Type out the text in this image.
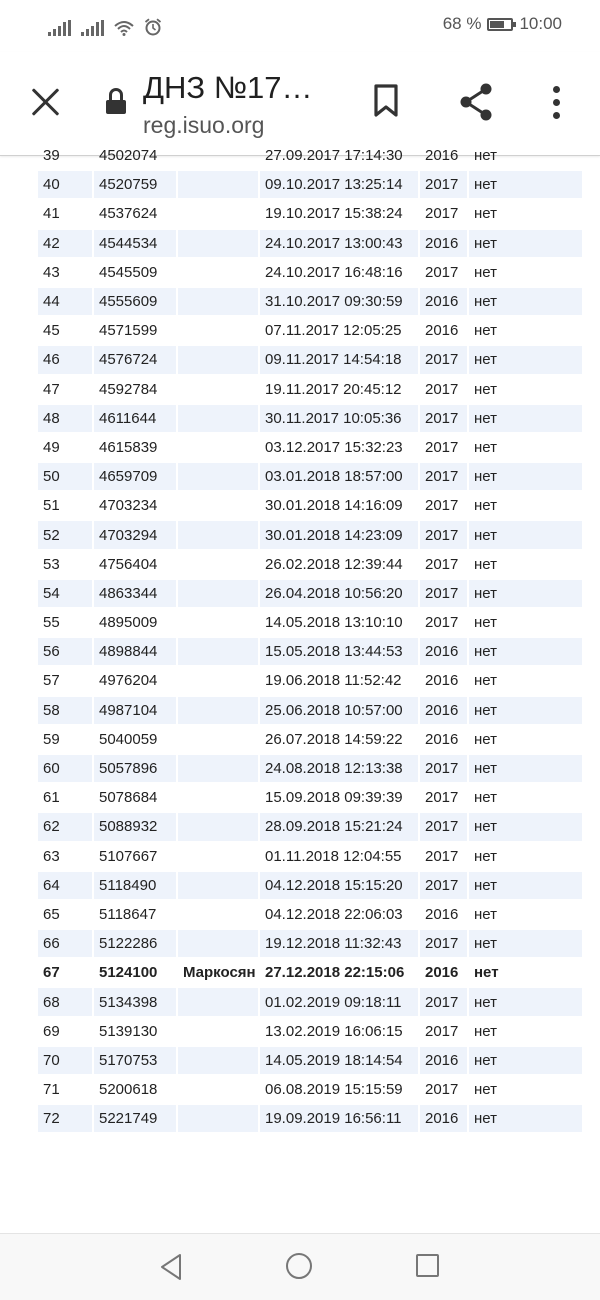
68 % 10:00
ДНЗ №17…
reg.isuo.org
39	4502074		27.09.2017 17:14:30	2016	нет
40	4520759		09.10.2017 13:25:14	2017	нет
41	4537624		19.10.2017 15:38:24	2017	нет
42	4544534		24.10.2017 13:00:43	2016	нет
43	4545509		24.10.2017 16:48:16	2017	нет
44	4555609		31.10.2017 09:30:59	2016	нет
45	4571599		07.11.2017 12:05:25	2016	нет
46	4576724		09.11.2017 14:54:18	2017	нет
47	4592784		19.11.2017 20:45:12	2017	нет
48	4611644		30.11.2017 10:05:36	2017	нет
49	4615839		03.12.2017 15:32:23	2017	нет
50	4659709		03.01.2018 18:57:00	2017	нет
51	4703234		30.01.2018 14:16:09	2017	нет
52	4703294		30.01.2018 14:23:09	2017	нет
53	4756404		26.02.2018 12:39:44	2017	нет
54	4863344		26.04.2018 10:56:20	2017	нет
55	4895009		14.05.2018 13:10:10	2017	нет
56	4898844		15.05.2018 13:44:53	2016	нет
57	4976204		19.06.2018 11:52:42	2016	нет
58	4987104		25.06.2018 10:57:00	2016	нет
59	5040059		26.07.2018 14:59:22	2016	нет
60	5057896		24.08.2018 12:13:38	2017	нет
61	5078684		15.09.2018 09:39:39	2017	нет
62	5088932		28.09.2018 15:21:24	2017	нет
63	5107667		01.11.2018 12:04:55	2017	нет
64	5118490		04.12.2018 15:15:20	2017	нет
65	5118647		04.12.2018 22:06:03	2016	нет
66	5122286		19.12.2018 11:32:43	2017	нет
67	5124100	Маркосян	27.12.2018 22:15:06	2016	нет
68	5134398		01.02.2019 09:18:11	2017	нет
69	5139130		13.02.2019 16:06:15	2017	нет
70	5170753		14.05.2019 18:14:54	2016	нет
71	5200618		06.08.2019 15:15:59	2017	нет
72	5221749		19.09.2019 16:56:11	2016	нет
